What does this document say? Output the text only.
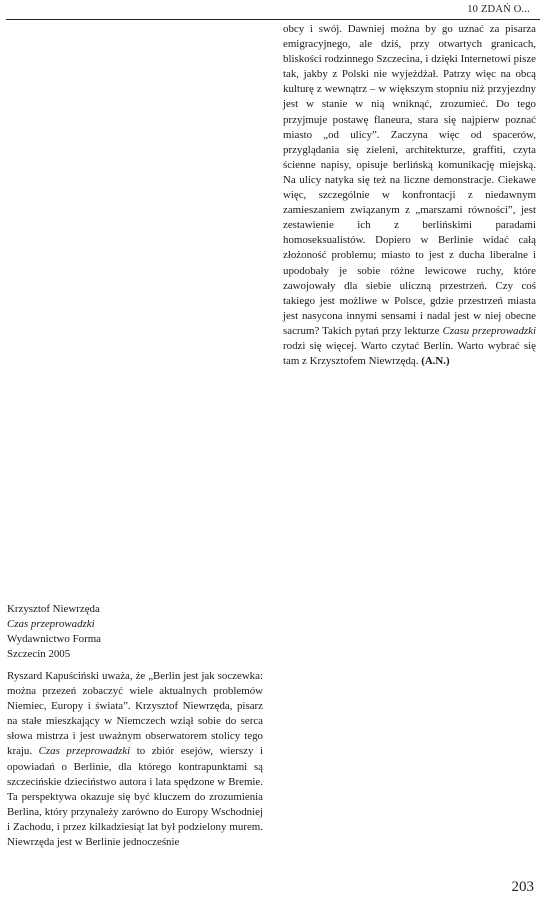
10 ZDAŃ O...

obcy i swój. Dawniej można by go uznać za pisarza emigracyjnego, ale dziś, przy otwartych granicach, bliskości rodzinnego Szczecina, i dzięki Internetowi pisze tak, jakby z Polski nie wyjeżdżał. Patrzy więc na obcą kulturę z wewnątrz – w większym stopniu niż przyjezdny jest w stanie w nią wniknąć, zrozumieć. Do tego przyjmuje postawę flaneura, stara się najpierw poznać miasto „od ulicy”. Zaczyna więc od spacerów, przyglądania się zieleni, architekturze, graffiti, czyta ścienne napisy, opisuje berlińską komunikację miejską. Na ulicy natyka się też na liczne demonstracje. Ciekawe więc, szczególnie w konfrontacji z niedawnym zamieszaniem związanym z „marszami równości”, jest zestawienie ich z berlińskimi paradami homoseksualistów. Dopiero w Berlinie widać całą złożoność problemu; miasto to jest z ducha liberalne i upodobały je sobie różne lewicowe ruchy, które zawojowały dla siebie uliczną przestrzeń. Czy coś takiego jest możliwe w Polsce, gdzie przestrzeń miasta jest nasycona innymi sensami i nadal jest w niej obecne sacrum? Takich pytań przy lekturze Czasu przeprowadzki rodzi się więcej. Warto czytać Berlin. Warto wybrać się tam z Krzysztofem Niewrzędą. (A.N.)

Krzysztof Niewrzęda
Czas przeprowadzki
Wydawnictwo Forma
Szczecin 2005

Ryszard Kapuściński uważa, że „Berlin jest jak soczewka: można przezeń zobaczyć wiele aktualnych problemów Niemiec, Europy i świata”. Krzysztof Niewrzęda, pisarz na stałe mieszkający w Niemczech wziął sobie do serca słowa mistrza i jest uważnym obserwatorem stolicy tego kraju. Czas przeprowadzki to zbiór esejów, wierszy i opowiadań o Berlinie, dla którego kontrapunktami są szczecińskie dzieciństwo autora i lata spędzone w Bremie. Ta perspektywa okazuje się być kluczem do zrozumienia Berlina, który przynależy zarówno do Europy Wschodniej i Zachodu, i przez kilkadziesiąt lat był podzielony murem. Niewrzęda jest w Berlinie jednocześnie

203
